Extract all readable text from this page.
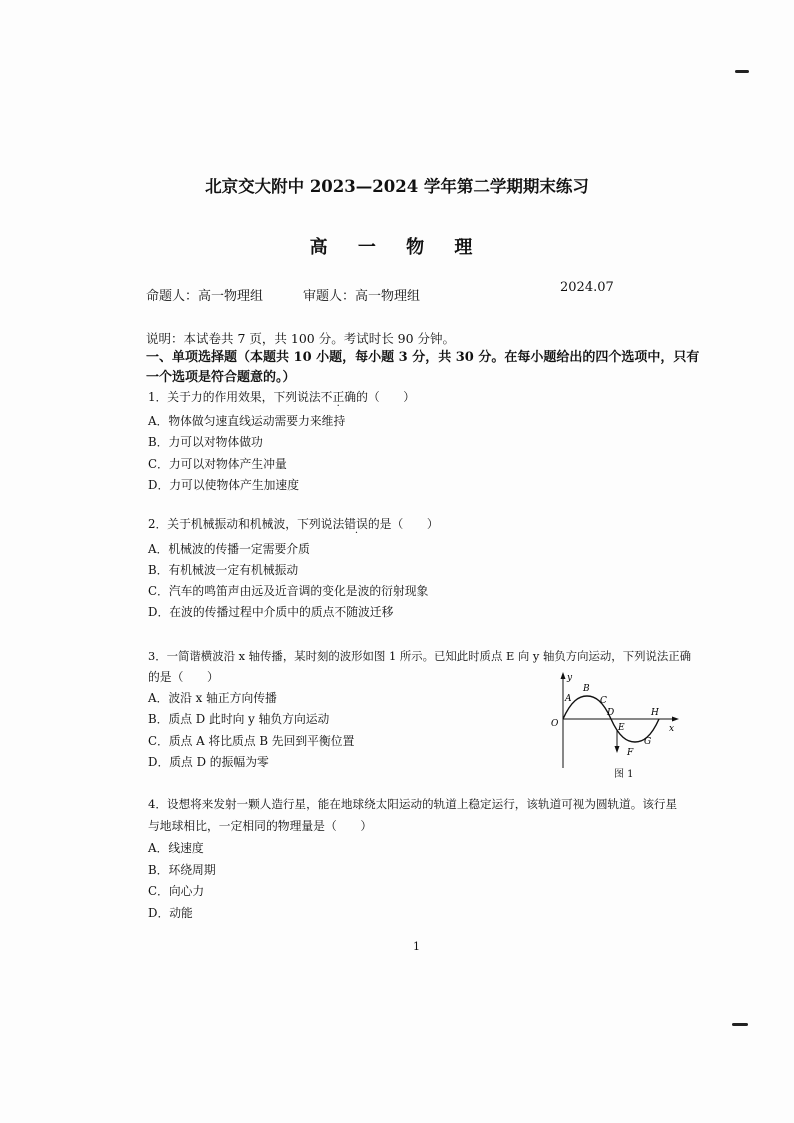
北京交大附中 2023—2024 学年第二学期期末练习
高 一 物 理
命题人：高一物理组	审题人：高一物理组
2024.07
说明：本试卷共 7 页，共 100 分。考试时长 90 分钟。
一、单项选择题（本题共 10 小题，每小题 3 分，共 30 分。在每小题给出的四个选项中，只有
一个选项是符合题意的。）
1．关于力的作用效果，下列说法不正确的（　　）
A．物体做匀速直线运动需要力来维持
B．力可以对物体做功
C．力可以对物体产生冲量
D．力可以使物体产生加速度
2．关于机械振动和机械波，下列说法错误的是（　　）
A．机械波的传播一定需要介质
B．有机械波一定有机械振动
C．汽车的鸣笛声由远及近音调的变化是波的衍射现象
D．在波的传播过程中介质中的质点不随波迁移
3．一简谐横波沿 x 轴传播，某时刻的波形如图 1 所示。已知此时质点 E 向 y 轴负方向运动，下列说法正确
的是（　　）
A．波沿 x 轴正方向传播
B．质点 D 此时向 y 轴负方向运动
C．质点 A 将比质点 B 先回到平衡位置
D．质点 D 的振幅为零
y
O	x
A
B
C
D
E
F
G
H
图 1
4．设想将来发射一颗人造行星，能在地球绕太阳运动的轨道上稳定运行，该轨道可视为圆轨道。该行星
与地球相比，一定相同的物理量是（　　）
A．线速度
B．环绕周期
C．向心力
D．动能
1
